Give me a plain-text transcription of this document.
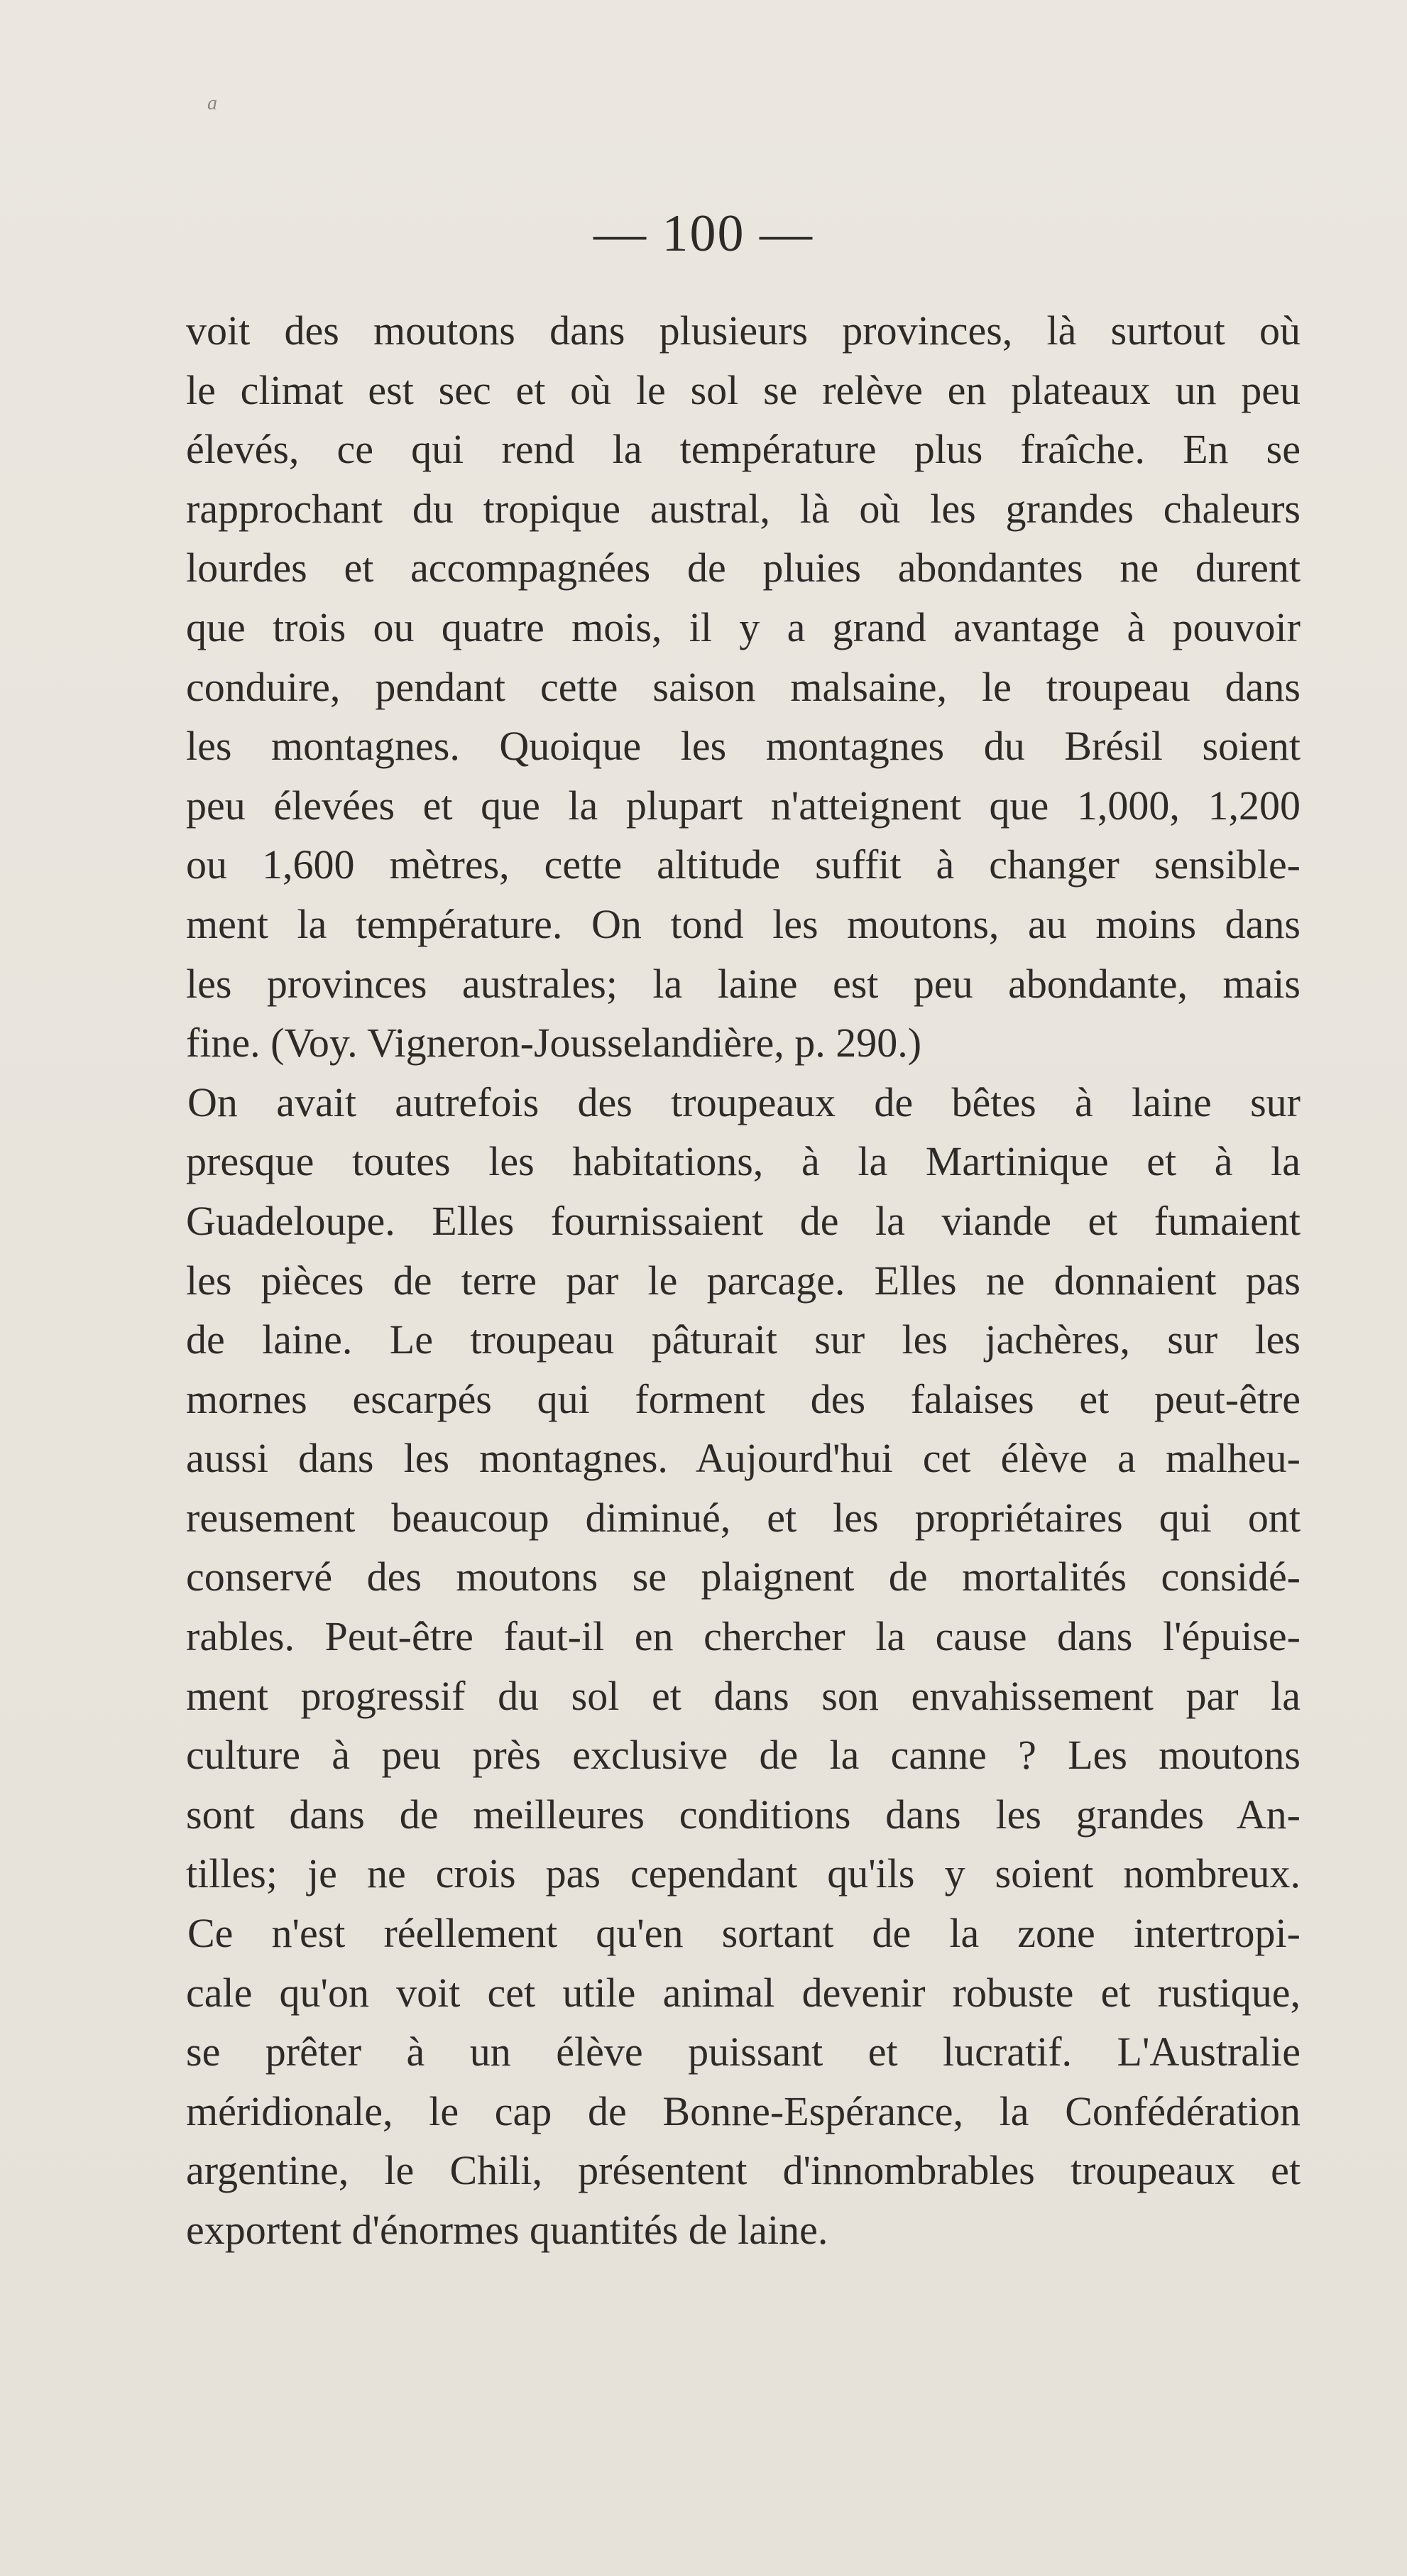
a
— 100 —
voit des moutons dans plusieurs provinces, là surtout où
le climat est sec et où le sol se relève en plateaux un peu
élevés, ce qui rend la température plus fraîche. En se
rapprochant du tropique austral, là où les grandes chaleurs
lourdes et accompagnées de pluies abondantes ne durent
que trois ou quatre mois, il y a grand avantage à pouvoir
conduire, pendant cette saison malsaine, le troupeau dans
les montagnes. Quoique les montagnes du Brésil soient
peu élevées et que la plupart n'atteignent que 1,000, 1,200
ou 1,600 mètres, cette altitude suffit à changer sensible-
ment la température. On tond les moutons, au moins dans
les provinces australes; la laine est peu abondante, mais
fine. (Voy. Vigneron-Jousselandière, p. 290.)
On avait autrefois des troupeaux de bêtes à laine sur
presque toutes les habitations, à la Martinique et à la
Guadeloupe. Elles fournissaient de la viande et fumaient
les pièces de terre par le parcage. Elles ne donnaient pas
de laine. Le troupeau pâturait sur les jachères, sur les
mornes escarpés qui forment des falaises et peut-être
aussi dans les montagnes. Aujourd'hui cet élève a malheu-
reusement beaucoup diminué, et les propriétaires qui ont
conservé des moutons se plaignent de mortalités considé-
rables. Peut-être faut-il en chercher la cause dans l'épuise-
ment progressif du sol et dans son envahissement par la
culture à peu près exclusive de la canne ? Les moutons
sont dans de meilleures conditions dans les grandes An-
tilles; je ne crois pas cependant qu'ils y soient nombreux.
Ce n'est réellement qu'en sortant de la zone intertropi-
cale qu'on voit cet utile animal devenir robuste et rustique,
se prêter à un élève puissant et lucratif. L'Australie
méridionale, le cap de Bonne-Espérance, la Confédération
argentine, le Chili, présentent d'innombrables troupeaux et
exportent d'énormes quantités de laine.
